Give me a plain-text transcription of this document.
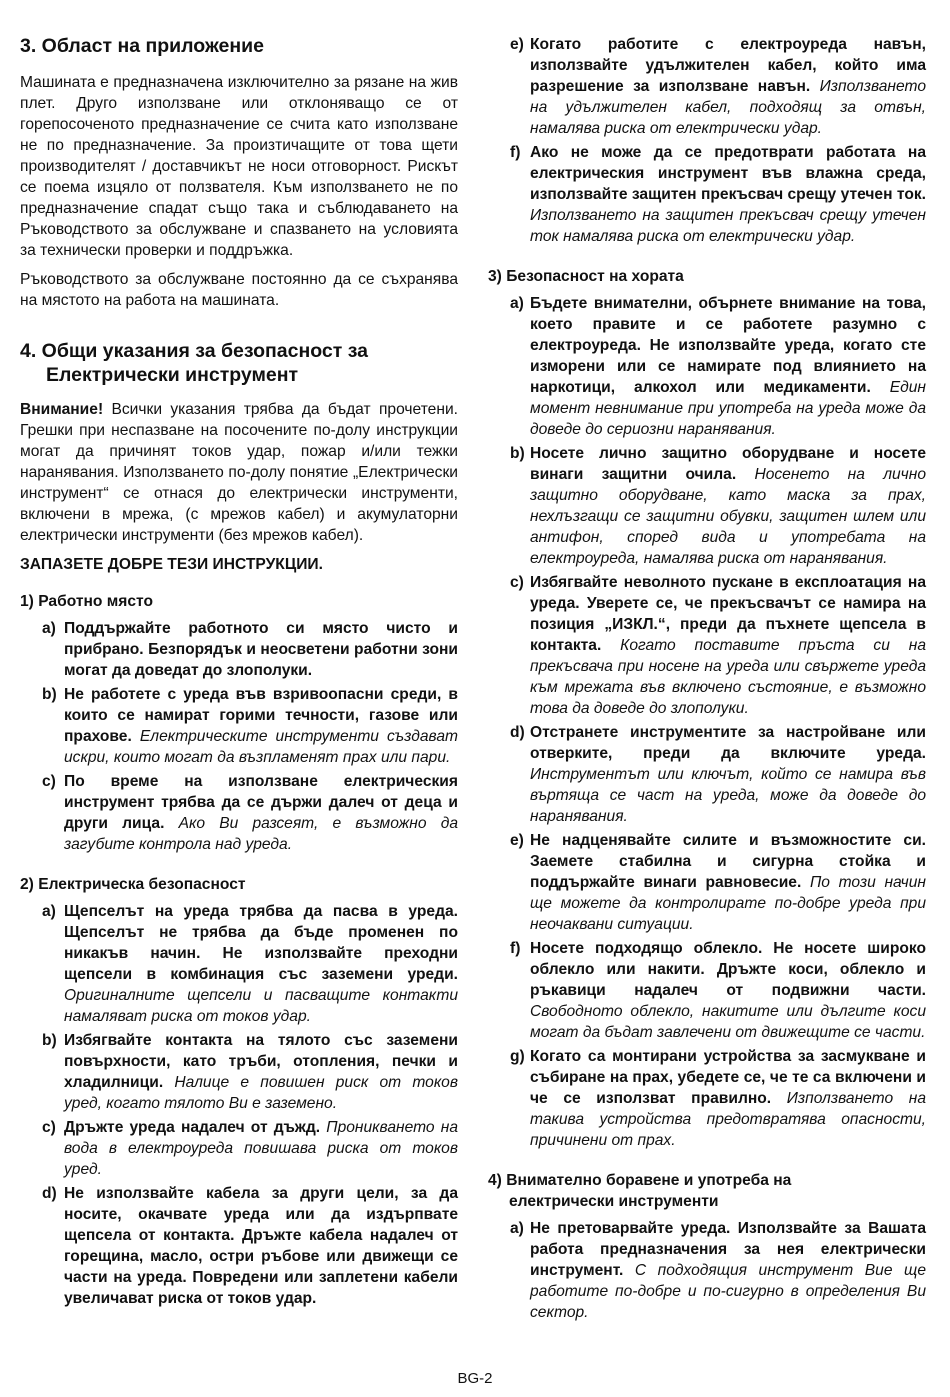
3. Област на приложение

Машината е предназначена изключително за рязане на жив плет. Друго използване или отклоняващо се от горепосоченото предназначение се счита като използване не по предназначение. За произтичащите от това щети производителят / доставчикът не носи отговорност. Рискът се поема изцяло от ползвателя. Към използването не по предназначение спадат също така и съблюдаването на Ръководството за обслужване и спазването на условията за технически проверки и поддръжка.

Ръководството за обслужване постоянно да се съхранява на мястото на работа на машината.

4. Общи указания за безопасност за
Електрически инструмент

Внимание! Всички указания трябва да бъдат прочетени. Грешки при неспазване на посочените по-долу инструкции могат да причинят токов удар, пожар и/или тежки наранявания. Използването по-долу понятие „Електрически инструмент“ се отнася до електрически инструменти, включени в мрежа, (с мрежов кабел) и акумулаторни електрически инструменти (без мрежов кабел).

ЗАПАЗЕТЕ ДОБРЕ ТЕЗИ ИНСТРУКЦИИ.

1) Работно място

a) Поддържайте работното си място чисто и прибрано. Безпорядък и неосветени работни зони могат да доведат до злополуки.
b) Не работете с уреда във взривоопасни среди, в които се намират горими течности, газове или прахове. Електрическите инструменти създават искри, които могат да възпламенят прах или пари.
c) По време на използване електрическия инструмент трябва да се държи далеч от деца и други лица. Ако Ви разсеят, е възможно да загубите контрола над уреда.

2) Електрическа безопасност

a) Щепселът на уреда трябва да пасва в уреда. Щепселът не трябва да бъде променен по никакъв начин. Не използвайте преходни щепсели в комбинация със заземени уреди. Оригиналните щепсели и пасващите контакти намаляват риска от токов удар.
b) Избягвайте контакта на тялото със заземени повърхности, като тръби, отопления, печки и хладилници. Налице е повишен риск от токов уред, когато тялото Ви е заземено.
c) Дръжте уреда надалеч от дъжд. Проникването на вода в електроуреда повишава риска от токов уред.
d) Не използвайте кабела за други цели, за да носите, окачвате уреда или да издърпвате щепсела от контакта. Дръжте кабела надалеч от горещина, масло, остри ръбове или движещи се части на уреда. Повредени или заплетени кабели увеличават риска от токов удар.
e) Когато работите с електроуреда навън, използвайте удължителен кабел, който има разрешение за използване навън. Използването на удължителен кабел, подходящ за отвън, намалява риска от електрически удар.
f) Ако не може да се предотврати работата на електрическия инструмент във влажна среда, използвайте защитен прекъсвач срещу утечен ток. Използването на защитен прекъсвач срещу утечен ток намалява риска от електрически удар.

3) Безопасност на хората

a) Бъдете внимателни, обърнете внимание на това, което правите и се работете разумно с електроуреда. Не използвайте уреда, когато сте изморени или се намирате под влиянието на наркотици, алкохол или медикаменти. Един момент невнимание при употреба на уреда може да доведе до сериозни наранявания.
b) Носете лично защитно оборудване и носете винаги защитни очила. Носенето на лично защитно оборудване, като маска за прах, нехлъзгащи се защитни обувки, защитен шлем или антифон, според вида и употребата на електроуреда, намалява риска от наранявания.
c) Избягвайте неволното пускане в експлоатация на уреда. Уверете се, че прекъсвачът се намира на позиция „ИЗКЛ.“, преди да пъхнете щепсела в контакта. Когато поставите пръста си на прекъсвача при носене на уреда или свържете уреда към мрежата във включено състояние, е възможно това да доведе до злополуки.
d) Отстранете инструментите за настройване или отверките, преди да включите уреда. Инструментът или ключът, който се намира във въртяща се част на уреда, може да доведе до наранявания.
e) Не надценявайте силите и възможностите си. Заемете стабилна и сигурна стойка и поддържайте винаги равновесие. По този начин ще можете да контролирате по-добре уреда при неочаквани ситуации.
f) Носете подходящо облекло. Не носете широко облекло или накити. Дръжте коси, облекло и ръкавици надалеч от подвижни части. Свободното облекло, накитите или дългите коси могат да бъдат завлечени от движещите се части.
g) Когато са монтирани устройства за засмукване и събиране на прах, убедете се, че те са включени и че се използват правилно. Използването на такива устройства предотвратява опасности, причинени от прах.

4) Внимателно боравене и употреба на
електрически инструменти

a) Не претоварвайте уреда. Използвайте за Вашата работа предназначения за нея електрически инструмент. С подходящия инструмент Вие ще работите по-добре и по-сигурно в определения Ви сектор.
BG-2
